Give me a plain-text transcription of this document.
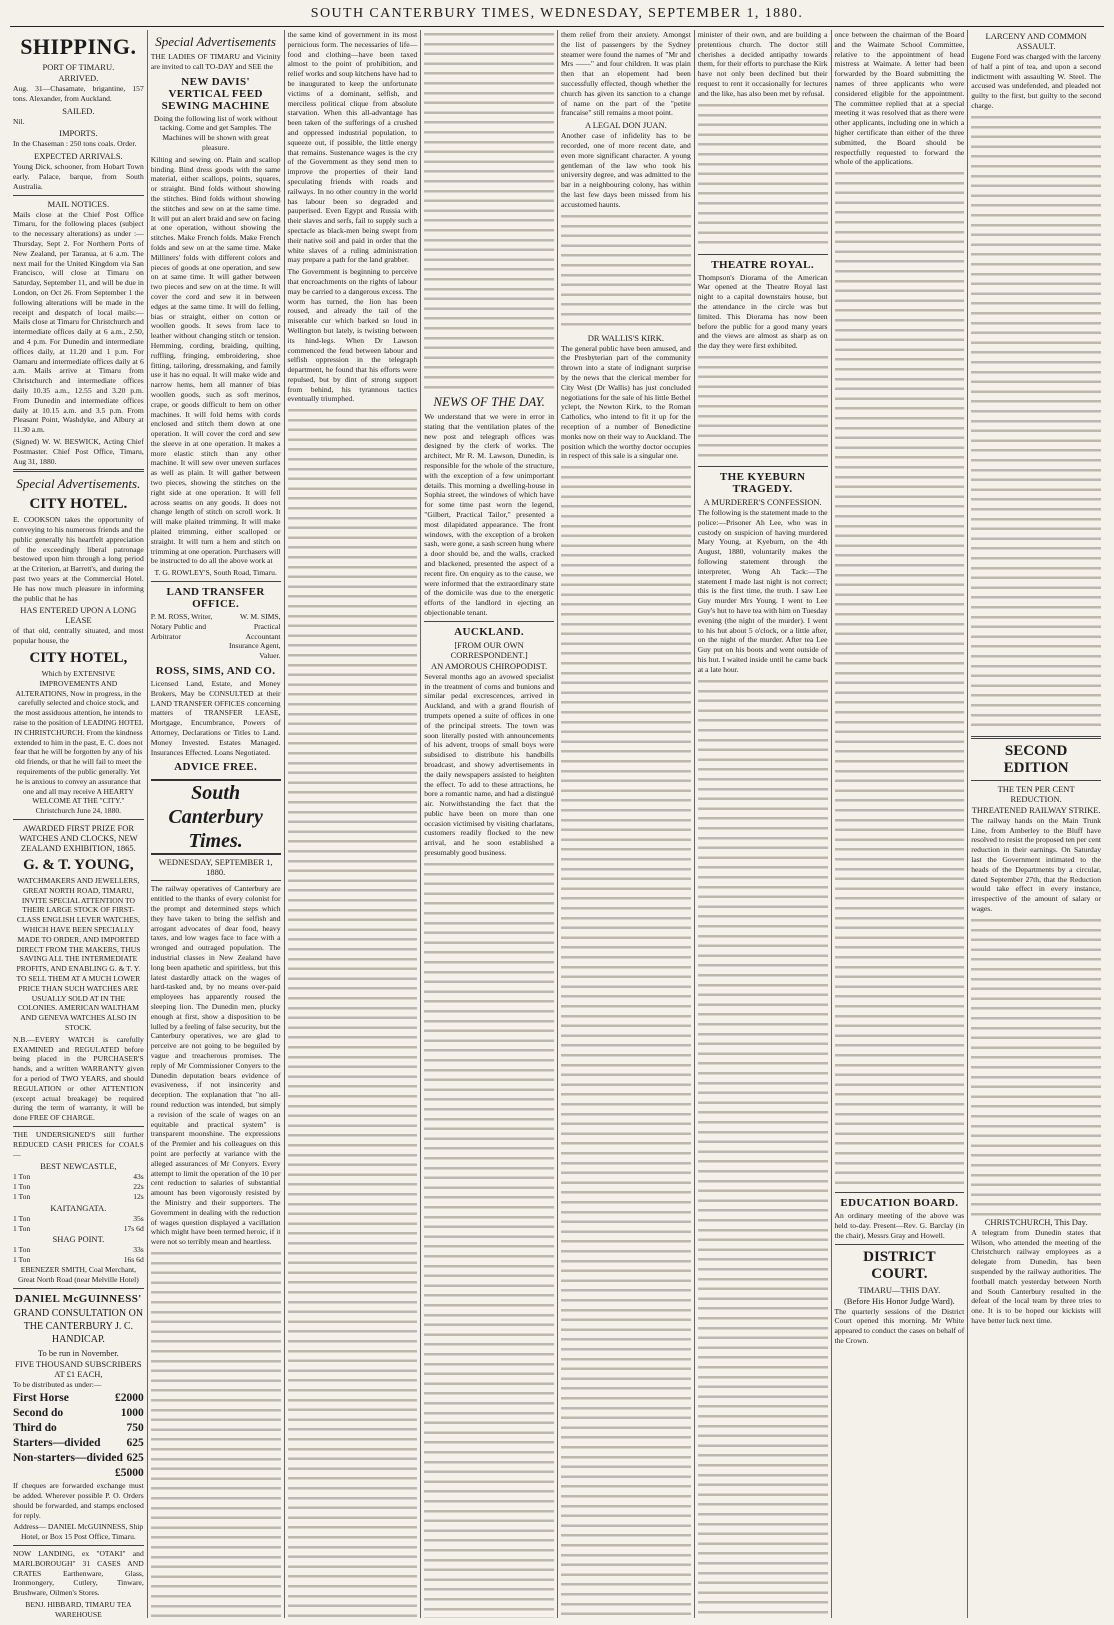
SOUTH CANTERBURY TIMES, WEDNESDAY, SEPTEMBER 1, 1880.
SHIPPING.
PORT OF TIMARU.
ARRIVED.

Aug. 31—Chasamate, brigantine, 157 tons. Alexander, from Auckland.

SAILED.

Nil.

IMPORTS.

In the Chaseman : 250 tons coals. Order.

EXPECTED ARRIVALS.

Young Dick, schooner, from Hobart Town early. Palace, barque, from South Australia.

MAIL NOTICES.

Mails close at the Chief Post Office Timaru, for the following places (subject to the necessary alterations) as under :— Thursday, Sept 2. For Northern Ports of New Zealand, per Taranua, at 6 a.m. The next mail for the United Kingdom via San Francisco, will close at Timaru on Saturday, September 11, and will be due in London, on Oct 26. From September 1 the following alterations will be made in the receipt and despatch of local mails:— Mails close at Timaru for Christchurch and intermediate offices daily at 6 a.m., 2.50, and 4 p.m. For Dunedin and intermediate offices daily, at 11.20 and 1 p.m. For Oamaru and intermediate offices daily at 6 a.m. Mails arrive at Timaru from Christchurch and intermediate offices daily 10.35 a.m., 12.55 and 3.20 p.m. From Dunedin and intermediate offices daily at 10.15 a.m. and 3.5 p.m. From Pleasant Point, Washdyke, and Albury at 11.30 a.m.

(Signed) W. W. BESWICK, Acting Chief Postmaster. Chief Post Office, Timaru, Aug 31, 1880.

Special Advertisements.
CITY HOTEL.

E. COOKSON takes the opportunity of conveying to his numerous friends and the public generally his heartfelt appreciation of the exceedingly liberal patronage bestowed upon him through a long period at the Criterion, at Barrett's, and during the past two years at the Commercial Hotel. He has now much pleasure in informing the public that he has

HAS ENTERED UPON A LONG LEASE

of that old, centrally situated, and most popular house, the

CITY HOTEL,

Which by EXTENSIVE IMPROVEMENTS AND ALTERATIONS, Now in progress, in the carefully selected and choice stock, and the most assiduous attention, he intends to raise to the position of LEADING HOTEL IN CHRISTCHURCH. From the kindness extended to him in the past, E. C. does not fear that he will be forgotten by any of his old friends, or that he will fail to meet the requirements of the public generally. Yet he is anxious to convey an assurance that one and all may receive A HEARTY WELCOME AT THE "CITY." Christchurch June 24, 1880.

AWARDED FIRST PRIZE FOR WATCHES AND CLOCKS, NEW ZEALAND EXHIBITION, 1865.
G. & T. YOUNG,

WATCHMAKERS AND JEWELLERS, GREAT NORTH ROAD, TIMARU, INVITE SPECIAL ATTENTION TO THEIR LARGE STOCK OF FIRST-CLASS ENGLISH LEVER WATCHES, WHICH HAVE BEEN SPECIALLY MADE TO ORDER, AND IMPORTED DIRECT FROM THE MAKERS, THUS SAVING ALL THE INTERMEDIATE PROFITS, AND ENABLING G. & T. Y. TO SELL THEM AT A MUCH LOWER PRICE THAN SUCH WATCHES ARE USUALLY SOLD AT IN THE COLONIES. AMERICAN WALTHAM AND GENEVA WATCHES ALSO IN STOCK.

N.B.—EVERY WATCH is carefully EXAMINED and REGULATED before being placed in the PURCHASER'S hands, and a written WARRANTY given for a period of TWO YEARS, and should REGULATION or other ATTENTION (except actual breakage) be required during the term of warranty, it will be done FREE OF CHARGE.

THE UNDERSIGNED'S still further REDUCED CASH PRICES for COALS—

BEST NEWCASTLE,
1 Ton	43s
1 Ton	22s
1 Ton	12s
KAITANGATA.
1 Ton	35s
1 Ton	17s 6d
SHAG POINT.
1 Ton	33s
1 Ton	16s 6d

EBENEZER SMITH, Coal Merchant, Great North Road (near Melville Hotel)

DANIEL McGUINNESS'

GRAND CONSULTATION ON THE CANTERBURY J. C. HANDICAP.

To be run in November.
FIVE THOUSAND SUBSCRIBERS AT £1 EACH,

To be distributed as under:—

First Horse	£2000
Second do	1000
Third do	750
Starters—divided 625
Non-starters—divided 625
£5000

If cheques are forwarded exchange must be added. Wherever possible P. O. Orders should be forwarded, and stamps enclosed for reply.

Address— DANIEL McGUINNESS, Ship Hotel, or Box 15 Post Office, Timaru.

NOW LANDING, ex "OTAKI" and MARLBOROUGH" 31 CASES AND CRATES Earthenware, Glass, Ironmongery, Cutlery, Tinware, Brushware, Oilmen's Stores.

BENJ. HIBBARD, TIMARU TEA WAREHOUSE

Special Advertisements

THE LADIES OF TIMARU and Vicinity are invited to call TO-DAY and SEE the

NEW DAVIS' VERTICAL FEED SEWING MACHINE

Doing the following list of work without tacking. Come and get Samples. The Machines will be shown with great pleasure.

Kilting and sewing on. Plain and scallop binding. Bind dress goods with the same material, either scallops, points, squares, or straight. Bind folds without showing the stitches. Bind folds without showing the stitches and sew on at the same time. It will put an alert braid and sew on facing at one operation, without showing the stitches. Make French folds. Make French folds and sew on at the same time. Make Milliners' folds with different colors and pieces of goods at one operation, and sew on at same time. It will gather between two pieces and sew on at the time. It will cover the cord and sew it in between edges at the same time. It will do felling, bias or straight, either on cotton or woollen goods. It sews from lace to leather without changing stitch or tension. Hemming, cording, braiding, quilting, ruffling, fringing, embroidering, shoe fitting, tailoring, dressmaking, and family use it has no equal. It will make wide and narrow hems, hem all manner of bias woollen goods, such as soft merinos, crape, or goods difficult to hem on other machines. It will fold hems with cords enclosed and stitch them down at one operation. It will cover the cord and sew the sleeve in at one operation. It makes a more elastic stitch than any other machine. It will sew over uneven surfaces as well as plain. It will gather between two pieces, showing the stitches on the right side at one operation. It will fell across seams on any goods. It does not change length of stitch on scroll work. It will make plaited trimming. It will make plaited trimming, either scalloped or straight. It will turn a hem and stitch on trimming at one operation. Purchasers will be instructed to do all the above work at

T. G. ROWLEY'S, South Road, Timaru.

LAND TRANSFER OFFICE.
P. M. ROSS, Writer, Notary Public and Arbitrator
W. M. SIMS, Practical Accountant Insurance Agent, Valuer.
ROSS, SIMS, AND CO.

Licensed Land, Estate, and Money Brokers, May be CONSULTED at their LAND TRANSFER OFFICES concerning matters of TRANSFER LEASE, Mortgage, Encumbrance, Powers of Attorney, Declarations or Titles to Land. Money Invested. Estates Managed. Insurances Effected. Loans Negotiated.

ADVICE FREE.
South Canterbury Times.
WEDNESDAY, SEPTEMBER 1, 1880.

The railway operatives of Canterbury are entitled to the thanks of every colonist for the prompt and determined steps which they have taken to bring the selfish and arrogant advocates of dear food, heavy taxes, and low wages face to face with a wronged and outraged population. The industrial classes in New Zealand have long been apathetic and spiritless, but this latest dastardly attack on the wages of hard-tasked and, by no means over-paid employees has apparently roused the sleeping lion. The Dunedin men, plucky enough at first, show a disposition to be lulled by a feeling of false security, but the Canterbury operatives, we are glad to perceive are not going to be beguiled by vague and treacherous promises. The reply of Mr Commissioner Conyers to the Dunedin deputation bears evidence of evasiveness, if not insincerity and deception. The explanation that "no all-round reduction was intended, but simply a revision of the scale of wages on an equitable and practical system" is transparent moonshine. The expressions of the Premier and his colleagues on this point are perfectly at variance with the alleged assurances of Mr Conyers. Every attempt to limit the operation of the 10 per cent reduction to salaries of substantial amount has been vigorously resisted by the Ministry and their supporters. The Government in dealing with the reduction of wages question displayed a vacillation which might have been termed heroic, if it were not so terribly mean and heartless.

the same kind of government in its most pernicious form. The necessaries of life—food and clothing—have been taxed almost to the point of prohibition, and relief works and soup kitchens have had to be inaugurated to keep the unfortunate victims of a dominant, selfish, and merciless political clique from absolute starvation. When this all-advantage has been taken of the sufferings of a crushed and oppressed industrial population, to squeeze out, if possible, the little energy that remains. Sustenance wages is the cry of the Government as they send men to improve the properties of their land speculating friends with roads and railways. In no other country in the world has labour been so degraded and pauperised. Even Egypt and Russia with their slaves and serfs, fail to supply such a spectacle as black-men being swept from their native soil and paid in order that the white slaves of a ruling administration may prepare a path for the land grabber.

The Government is beginning to perceive that encroachments on the rights of labour may be carried to a dangerous excess. The worm has turned, the lion has been roused, and already the tail of the miserable cur which barked so loud in Wellington but lately, is twisting between its hind-legs. When Dr Lawson commenced the feud between labour and selfish oppression in the telegraph department, he found that his efforts were repulsed, but by dint of strong support from behind, his tyrannous tactics eventually triumphed.	NEWS OF THE DAY.

We understand that we were in error in stating that the ventilation plates of the new post and telegraph offices was designed by the clerk of works. The architect, Mr R. M. Lawson, Dunedin, is responsible for the whole of the structure, with the exception of a few unimportant details. This morning a dwelling-house in Sophia street, the windows of which have for some time past worn the legend, "Gilbert, Practical Tailor," presented a most dilapidated appearance. The front windows, with the exception of a broken sash, were gone, a sash screen hung where a door should be, and the walls, cracked and blackened, presented the aspect of a recent fire. On enquiry as to the cause, we were informed that the extraordinary state of the domicile was due to the energetic efforts of the landlord in ejecting an objectionable tenant.

AUCKLAND.
[FROM OUR OWN CORRESPONDENT.]
AN AMOROUS CHIROPODIST.

Several months ago an avowed specialist in the treatment of corns and bunions and similar pedal excrescences, arrived in Auckland, and with a grand flourish of trumpets opened a suite of offices in one of the principal streets. The town was soon literally posted with announcements of his advent, troops of small boys were subsidised to distribute his handbills broadcast, and showy advertisements in the daily newspapers assisted to heighten the effect. To add to these attractions, he bore a romantic name, and had a distingué air. Notwithstanding the fact that the public have been on more than one occasion victimised by visiting charlatans, customers readily flocked to the new arrival, and he soon established a presumably good business.

them relief from their anxiety. Amongst the list of passengers by the Sydney steamer were found the names of "Mr and Mrs ——" and four children. It was plain then that an elopement had been successfully effected, though whether the church has given its sanction to a change of name on the part of the "petite francaise" still remains a moot point.

A LEGAL DON JUAN.

Another case of infidelity has to be recorded, one of more recent date, and even more significant character. A young gentleman of the law who took his university degree, and was admitted to the bar in a neighbouring colony, has within the last few days been missed from his accustomed haunts.

DR WALLIS'S KIRK.

The general public have been amused, and the Presbyterian part of the community thrown into a state of indignant surprise by the news that the clerical member for City West (Dr Wallis) has just concluded negotiations for the sale of his little Bethel yclept, the Newton Kirk, to the Roman Catholics, who intend to fit it up for the reception of a number of Benedictine monks now on their way to Auckland. The position which the worthy doctor occupies in respect of this sale is a singular one.

minister of their own, and are building a pretentious church. The doctor still cherishes a decided antipathy towards them, for their efforts to purchase the Kirk have not only been declined but their request to rent it occasionally for lectures and the like, has also been met by refusal.

THEATRE ROYAL.

Thompson's Diorama of the American War opened at the Theatre Royal last night to a capital downstairs house, but the attendance in the circle was but limited. This Diorama has now been before the public for a good many years and the views are almost as sharp as on the day they were first exhibited.

THE KYEBURN TRAGEDY.
A MURDERER'S CONFESSION.

The following is the statement made to the police:—Prisoner Ah Lee, who was in custody on suspicion of having murdered Mary Young, at Kyeburn, on the 4th August, 1880, voluntarily makes the following statement through the interpreter, Wong Ah Tack:—The statement I made last night is not correct; this is the first time, the truth. I saw Lee Guy murder Mrs Young. I went to Lee Guy's hut to have tea with him on Tuesday evening (the night of the murder). I went to his hut about 5 o'clock, or a little after, on the night of the murder. After tea Lee Guy put on his boots and went outside of his hut. I waited inside until he came back at a late hour.

once between the chairman of the Board and the Waimate School Committee, relative to the appointment of head mistress at Waimate. A letter had been forwarded by the Board submitting the names of three applicants who were considered eligible for the appointment. The committee replied that at a special meeting it was resolved that as there were other applicants, including one in which a higher certificate than either of the three submitted, the Board should be respectfully requested to forward the whole of the applications.

EDUCATION BOARD.

An ordinary meeting of the above was held to-day. Present—Rev. G. Barclay (in the chair), Messrs Gray and Howell.

DISTRICT COURT.
TIMARU—THIS DAY.
(Before His Honor Judge Ward).

The quarterly sessions of the District Court opened this morning. Mr White appeared to conduct the cases on behalf of the Crown.

LARCENY AND COMMON ASSAULT.

Eugene Ford was charged with the larceny of half a pint of tea, and upon a second indictment with assaulting W. Steel. The accused was undefended, and pleaded not guilty to the first, but guilty to the second charge.

SECOND EDITION
THE TEN PER CENT REDUCTION.
THREATENED RAILWAY STRIKE.

The railway hands on the Main Trunk Line, from Amberley to the Bluff have resolved to resist the proposed ten per cent reduction in their earnings. On Saturday last the Government intimated to the heads of the Departments by a circular, dated September 27th, that the Reduction would take effect in every instance, irrespective of the amount of salary or wages.

CHRISTCHURCH, This Day.

A telegram from Dunedin states that Wilson, who attended the meeting of the Christchurch railway employees as a delegate from Dunedin, has been suspended by the railway authorities. The football match yesterday between North and South Canterbury resulted in the defeat of the local team by three tries to one. It is to be hoped our kickists will have better luck next time.
